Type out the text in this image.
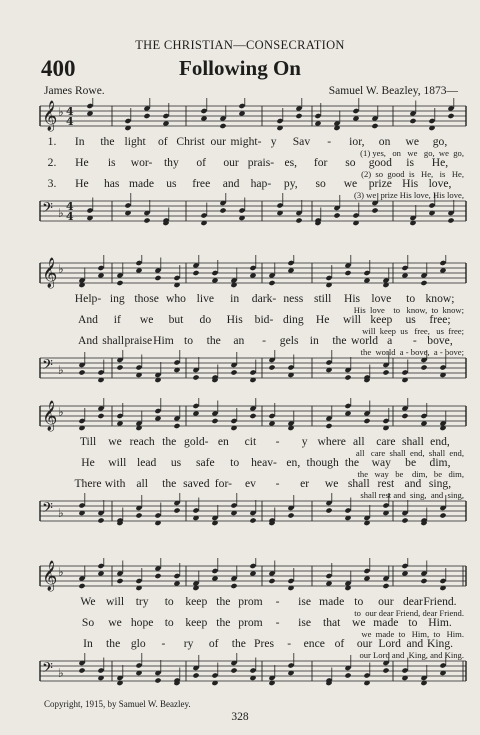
THE CHRISTIAN—CONSECRATION
400	Following On
James Rowe.	Samuel W. Beazley, 1873—
𝄞 ♭ 4
4
1. In the light of Christ our might- y Sav - ior, on we go,
(1) yes,   on   we   go,  we  go,
2. He is wor- thy of our prais- es, for so good is He,
(2)  so  good  is   He,   is   He,
3. He has made us free and hap- py, so we prize His love,
(3) we  prize His love, His love,
𝄢 ♭ 4
4
𝄞 ♭
Help- ing those who live in dark- ness still His love to know;
His  love    to   know,  to  know;
And if we but do His bid- ding He will keep us free;
will  keep  us   free,   us  free;
And shall praise Him to the an - gels in the world a - bove,
the  world  a - bove,  a - bove;
𝄢 ♭
𝄞 ♭
Till we reach the gold- en cit - y where all care shall end,
all   care  shall  end,  shall  end,
He will lead us safe to heav- en, though the way be dim,
the   way   be    dim,   be   dim,
There with all the saved for- ev - er we shall rest and sing,
shall rest and  sing,  and  sing,
𝄢 ♭
𝄞 ♭
We will try to keep the prom - ise made to our dear Friend.
to  our dear Friend, dear Friend.
So we hope to keep the prom - ise that we made to Him.
we  made  to   Him,  to   Him.
In the glo - ry of the Pres - ence of our Lord and King.
our Lord and  King, and King.
𝄢 ♭
Copyright, 1915, by Samuel W. Beazley.
328
